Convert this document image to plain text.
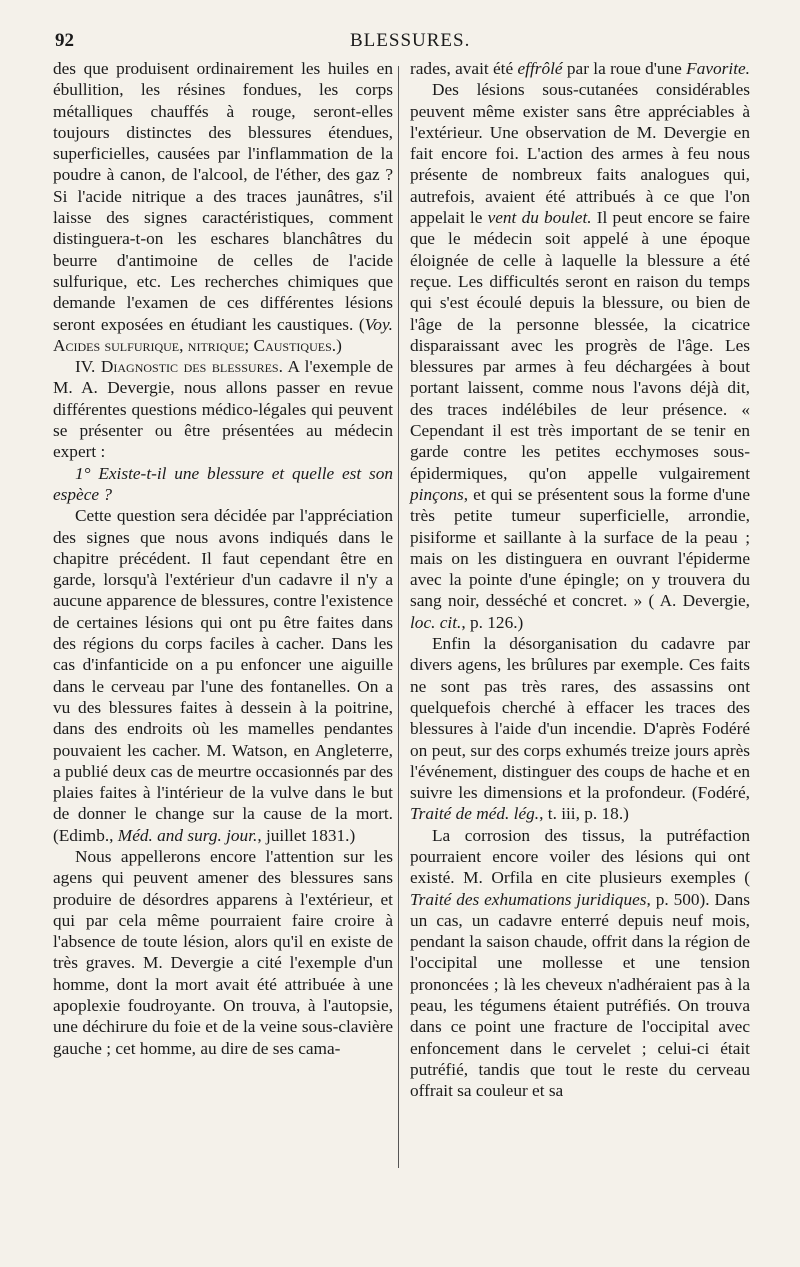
92	BLESSURES.

des que produisent ordinairement les huiles en ébullition, les résines fondues, les corps métalliques chauffés à rouge, seront-elles toujours distinctes des blessures étendues, superficielles, causées par l'inflammation de la poudre à canon, de l'alcool, de l'éther, des gaz ? Si l'acide nitrique a des traces jaunâtres, s'il laisse des signes caractéristiques, comment distinguera-t-on les eschares blanchâtres du beurre d'antimoine de celles de l'acide sulfurique, etc. Les recherches chimiques que demande l'examen de ces différentes lésions seront exposées en étudiant les caustiques. (Voy. Acides sulfurique, nitrique; Caustiques.)

IV. Diagnostic des blessures. A l'exemple de M. A. Devergie, nous allons passer en revue différentes questions médico-légales qui peuvent se présenter ou être présentées au médecin expert :

1° Existe-t-il une blessure et quelle est son espèce ?

Cette question sera décidée par l'appréciation des signes que nous avons indiqués dans le chapitre précédent. Il faut cependant être en garde, lorsqu'à l'extérieur d'un cadavre il n'y a aucune apparence de blessures, contre l'existence de certaines lésions qui ont pu être faites dans des régions du corps faciles à cacher. Dans les cas d'infanticide on a pu enfoncer une aiguille dans le cerveau par l'une des fontanelles. On a vu des blessures faites à dessein à la poitrine, dans des endroits où les mamelles pendantes pouvaient les cacher. M. Watson, en Angleterre, a publié deux cas de meurtre occasionnés par des plaies faites à l'intérieur de la vulve dans le but de donner le change sur la cause de la mort. (Edimb., Méd. and surg. jour., juillet 1831.)

Nous appellerons encore l'attention sur les agens qui peuvent amener des blessures sans produire de désordres apparens à l'extérieur, et qui par cela même pourraient faire croire à l'absence de toute lésion, alors qu'il en existe de très graves. M. Devergie a cité l'exemple d'un homme, dont la mort avait été attribuée à une apoplexie foudroyante. On trouva, à l'autopsie, une déchirure du foie et de la veine sous-clavière gauche ; cet homme, au dire de ses cama-

rades, avait été effrôlé par la roue d'une Favorite.

Des lésions sous-cutanées considérables peuvent même exister sans être appréciables à l'extérieur. Une observation de M. Devergie en fait encore foi. L'action des armes à feu nous présente de nombreux faits analogues qui, autrefois, avaient été attribués à ce que l'on appelait le vent du boulet. Il peut encore se faire que le médecin soit appelé à une époque éloignée de celle à laquelle la blessure a été reçue. Les difficultés seront en raison du temps qui s'est écoulé depuis la blessure, ou bien de l'âge de la personne blessée, la cicatrice disparaissant avec les progrès de l'âge. Les blessures par armes à feu déchargées à bout portant laissent, comme nous l'avons déjà dit, des traces indélébiles de leur présence. « Cependant il est très important de se tenir en garde contre les petites ecchymoses sous-épidermiques, qu'on appelle vulgairement pinçons, et qui se présentent sous la forme d'une très petite tumeur superficielle, arrondie, pisiforme et saillante à la surface de la peau ; mais on les distinguera en ouvrant l'épiderme avec la pointe d'une épingle; on y trouvera du sang noir, desséché et concret. » ( A. Devergie, loc. cit., p. 126.)

Enfin la désorganisation du cadavre par divers agens, les brûlures par exemple. Ces faits ne sont pas très rares, des assassins ont quelquefois cherché à effacer les traces des blessures à l'aide d'un incendie. D'après Fodéré on peut, sur des corps exhumés treize jours après l'événement, distinguer des coups de hache et en suivre les dimensions et la profondeur. (Fodéré, Traité de méd. lég., t. iii, p. 18.)

La corrosion des tissus, la putréfaction pourraient encore voiler des lésions qui ont existé. M. Orfila en cite plusieurs exemples ( Traité des exhumations juridiques, p. 500). Dans un cas, un cadavre enterré depuis neuf mois, pendant la saison chaude, offrit dans la région de l'occipital une mollesse et une tension prononcées ; là les cheveux n'adhéraient pas à la peau, les tégumens étaient putréfiés. On trouva dans ce point une fracture de l'occipital avec enfoncement dans le cervelet ; celui-ci était putréfié, tandis que tout le reste du cerveau offrait sa couleur et sa
